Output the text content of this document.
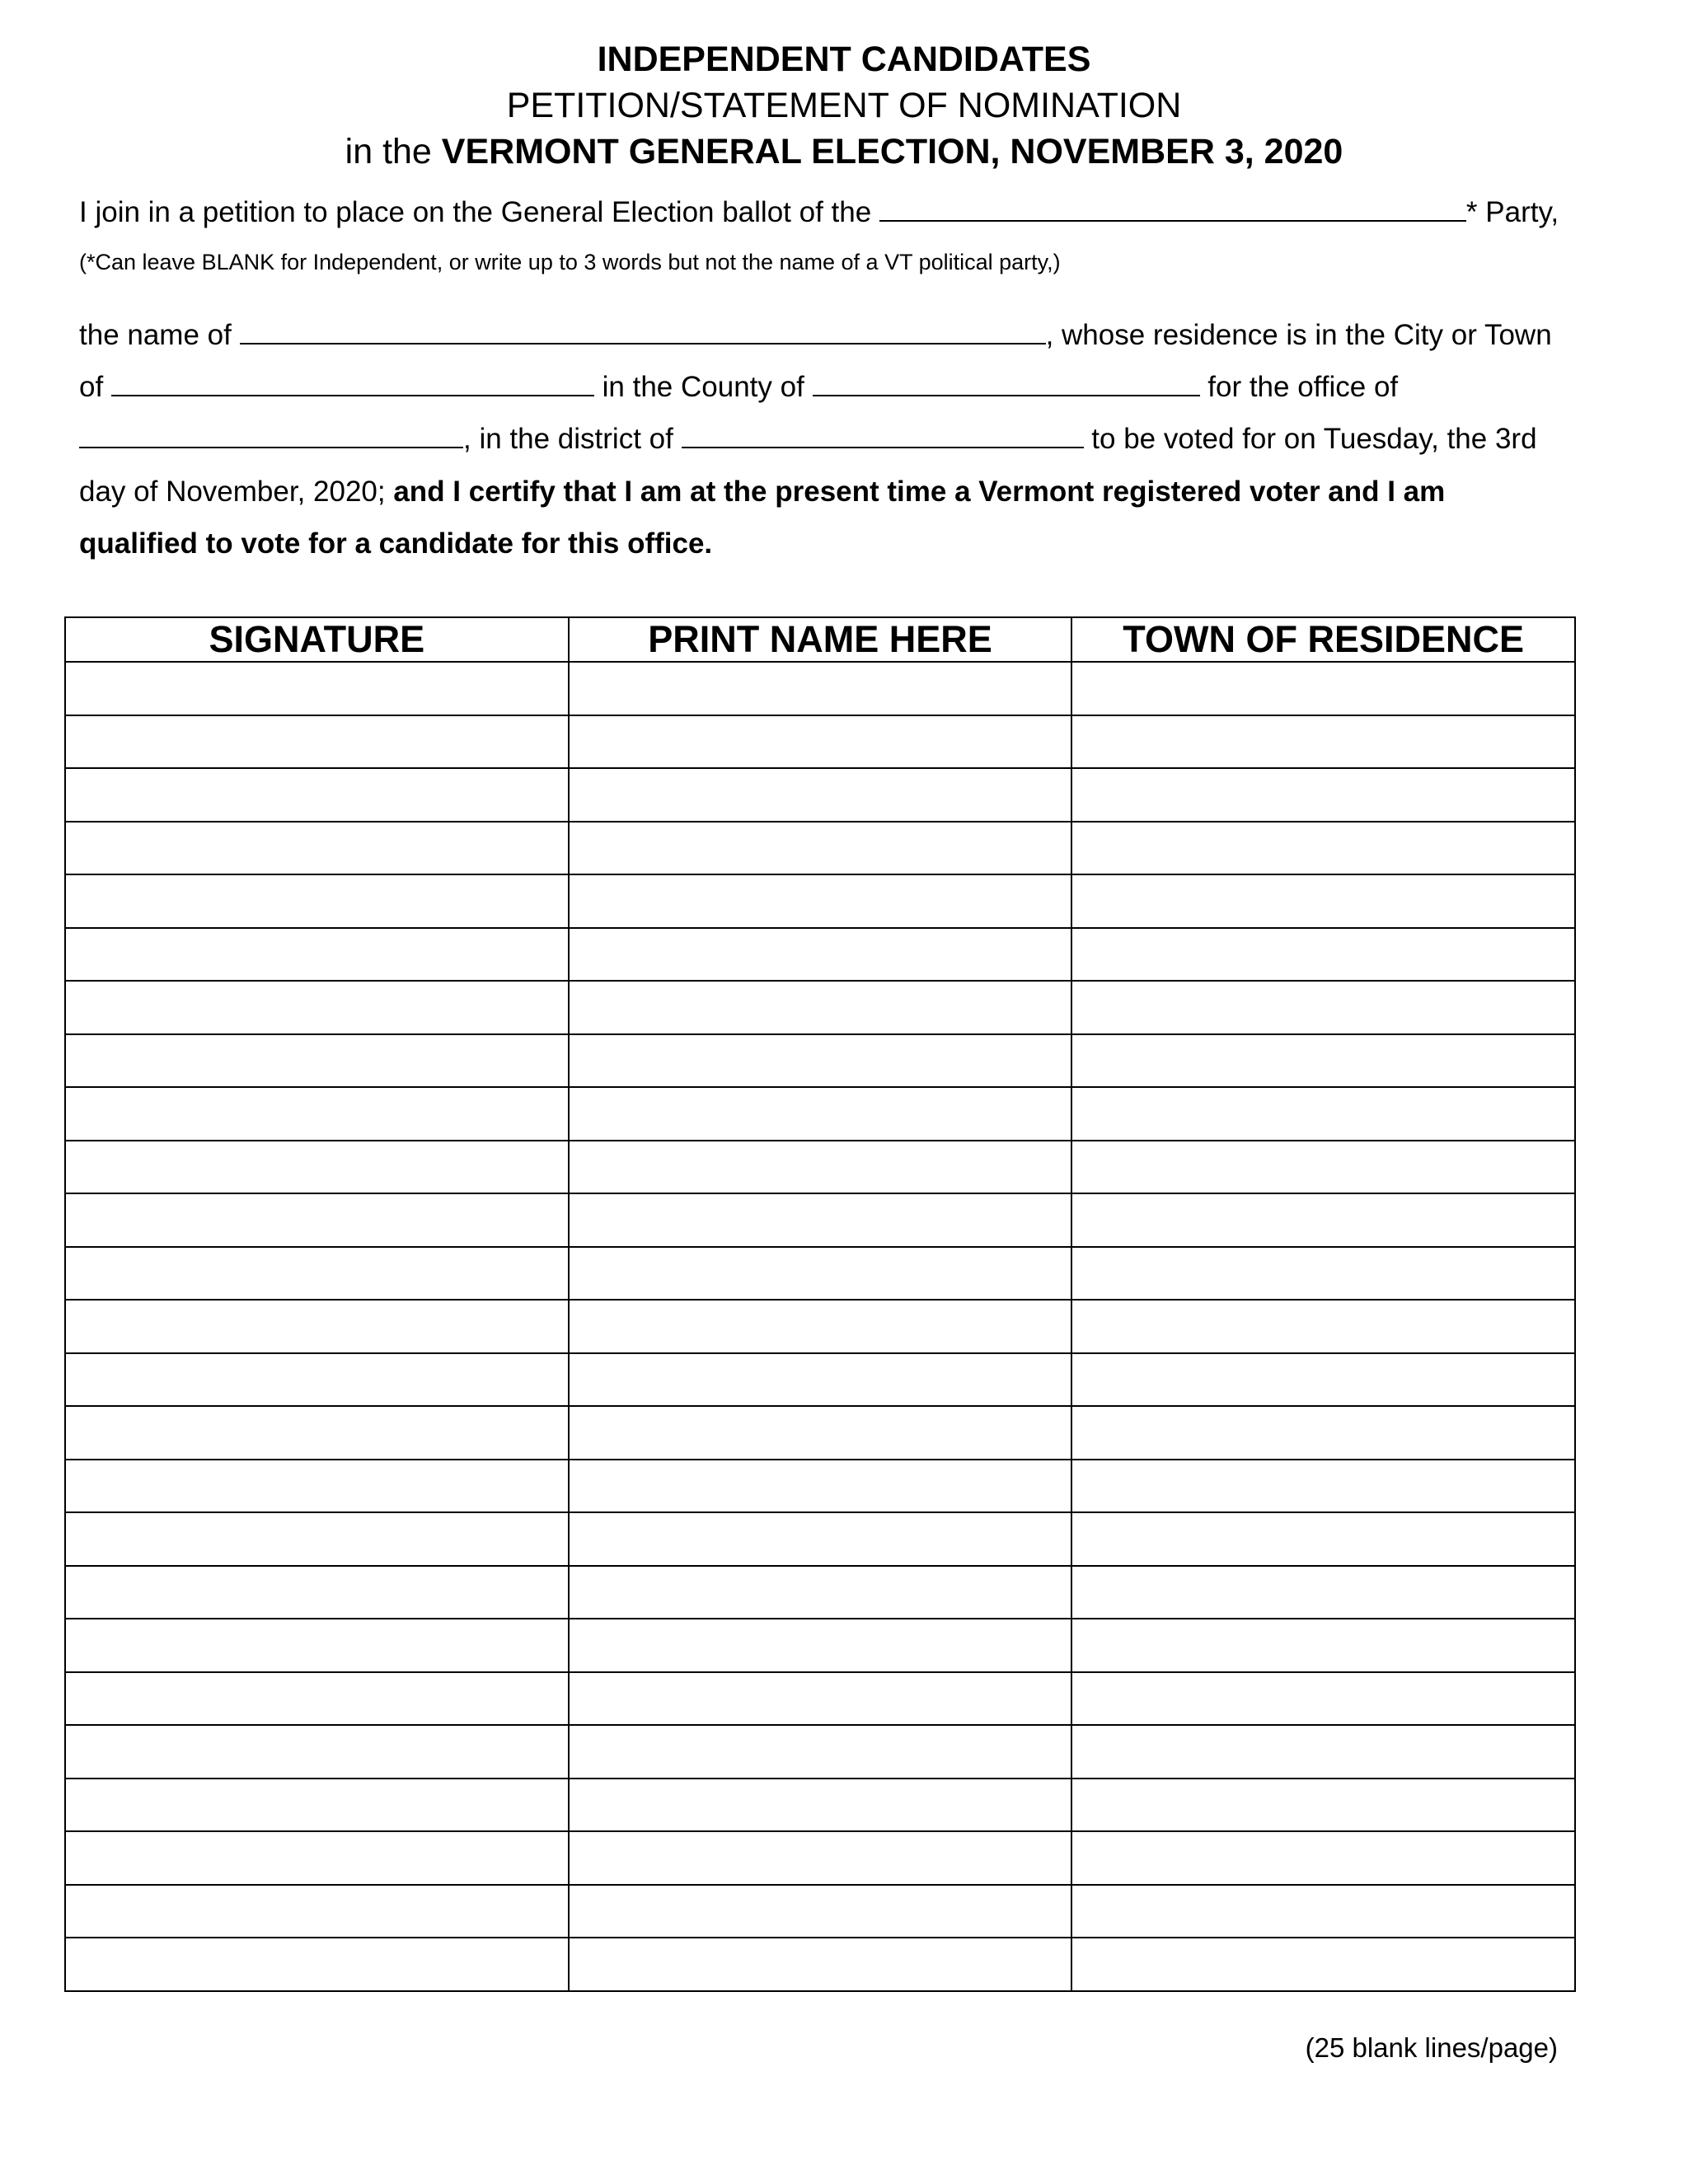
INDEPENDENT CANDIDATES
PETITION/STATEMENT OF NOMINATION
in the VERMONT GENERAL ELECTION, NOVEMBER 3, 2020
I join in a petition to place on the General Election ballot of the	* Party,
(*Can leave BLANK for Independent, or write up to 3 words but not the name of a VT political party,)
the name of	, whose residence is in the City or Town
of	in the County of	for the office of
, in the district of	to be voted for on Tuesday, the 3rd
day of November, 2020; and I certify that I am at the present time a Vermont registered voter and I am
qualified to vote for a candidate for this office.
SIGNATURE	PRINT NAME HERE	TOWN OF RESIDENCE

(25 blank lines/page)
